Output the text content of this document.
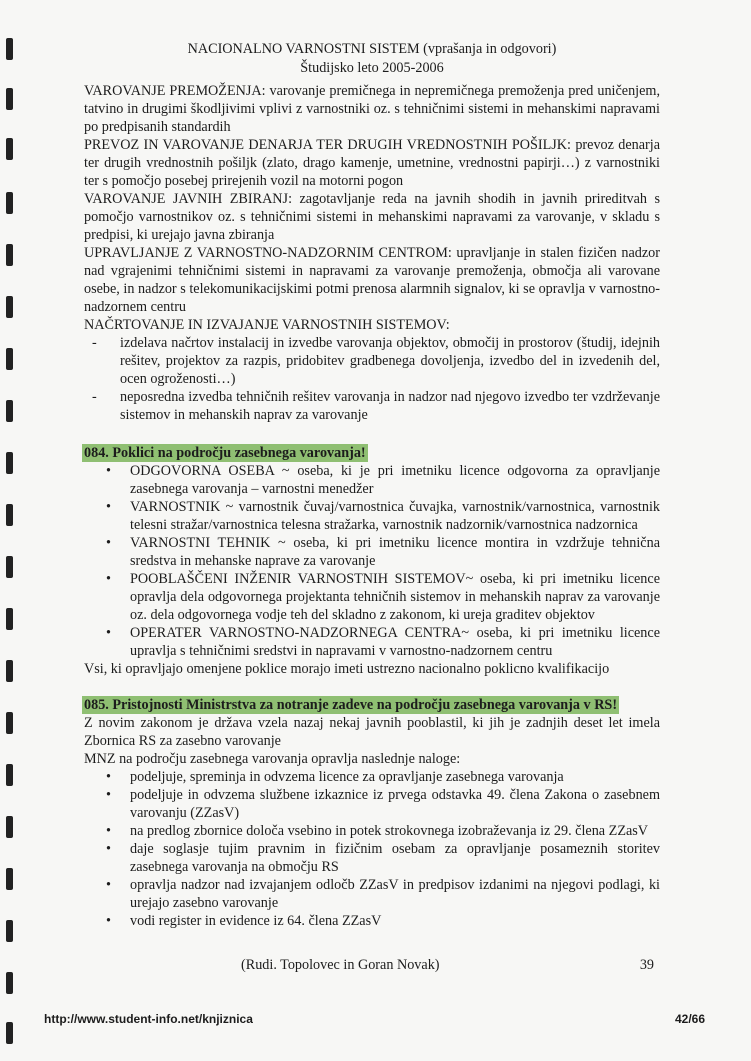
NACIONALNO VARNOSTNI SISTEM (vprašanja in odgovori)
Študijsko leto 2005-2006

VAROVANJE PREMOŽENJA: varovanje premičnega in nepremičnega premoženja pred uničenjem, tatvino in drugimi škodljivimi vplivi z varnostniki oz. s tehničnimi sistemi in mehanskimi napravami po predpisanih standardih

PREVOZ IN VAROVANJE DENARJA TER DRUGIH VREDNOSTNIH POŠILJK: prevoz denarja ter drugih vrednostnih pošiljk (zlato, drago kamenje, umetnine, vrednostni papirji…) z varnostniki ter s pomočjo posebej prirejenih vozil na motorni pogon

VAROVANJE JAVNIH ZBIRANJ: zagotavljanje reda na javnih shodih in javnih prireditvah s pomočjo varnostnikov oz. s tehničnimi sistemi in mehanskimi napravami za varovanje, v skladu s predpisi, ki urejajo javna zbiranja

UPRAVLJANJE Z VARNOSTNO-NADZORNIM CENTROM: upravljanje in stalen fizičen nadzor nad vgrajenimi tehničnimi sistemi in napravami za varovanje premoženja, območja ali varovane osebe, in nadzor s telekomunikacijskimi potmi prenosa alarmnih signalov, ki se opravlja v varnostno-nadzornem centru

NAČRTOVANJE IN IZVAJANJE VARNOSTNIH SISTEMOV:

- izdelava načrtov instalacij in izvedbe varovanja objektov, območij in prostorov (študij, idejnih rešitev, projektov za razpis, pridobitev gradbenega dovoljenja, izvedbo del in izvedenih del, ocen ogroženosti…)
- neposredna izvedba tehničnih rešitev varovanja in nadzor nad njegovo izvedbo ter vzdrževanje sistemov in mehanskih naprav za varovanje
084. Poklici na področju zasebnega varovanja!
• ODGOVORNA OSEBA ~ oseba, ki je pri imetniku licence odgovorna za opravljanje zasebnega varovanja – varnostni menedžer
• VARNOSTNIK ~ varnostnik čuvaj/varnostnica čuvajka, varnostnik/varnostnica, varnostnik telesni stražar/varnostnica telesna stražarka, varnostnik nadzornik/varnostnica nadzornica
• VARNOSTNI TEHNIK ~ oseba, ki pri imetniku licence montira in vzdržuje tehnična sredstva in mehanske naprave za varovanje
• POOBLAŠČENI INŽENIR VARNOSTNIH SISTEMOV~ oseba, ki pri imetniku licence opravlja dela odgovornega projektanta tehničnih sistemov in mehanskih naprav za varovanje oz. dela odgovornega vodje teh del skladno z zakonom, ki ureja graditev objektov
• OPERATER VARNOSTNO-NADZORNEGA CENTRA~ oseba, ki pri imetniku licence upravlja s tehničnimi sredstvi in napravami v varnostno-nadzornem centru

Vsi, ki opravljajo omenjene poklice morajo imeti ustrezno nacionalno poklicno kvalifikacijo

085. Pristojnosti Ministrstva za notranje zadeve na področju zasebnega varovanja v RS!

Z novim zakonom je država vzela nazaj nekaj javnih pooblastil, ki jih je zadnjih deset let imela Zbornica RS za zasebno varovanje

MNZ na področju zasebnega varovanja opravlja naslednje naloge:

• podeljuje, spreminja in odvzema licence za opravljanje zasebnega varovanja
• podeljuje in odvzema službene izkaznice iz prvega odstavka 49. člena Zakona o zasebnem varovanju (ZZasV)
• na predlog zbornice določa vsebino in potek strokovnega izobraževanja iz 29. člena ZZasV
• daje soglasje tujim pravnim in fizičnim osebam za opravljanje posameznih storitev zasebnega varovanja na območju RS
• opravlja nadzor nad izvajanjem odločb ZZasV in predpisov izdanimi na njegovi podlagi, ki urejajo zasebno varovanje
• vodi register in evidence iz 64. člena ZZasV
(Rudi. Topolovec in Goran Novak)	39
http://www.student-info.net/knjiznica	42/66
